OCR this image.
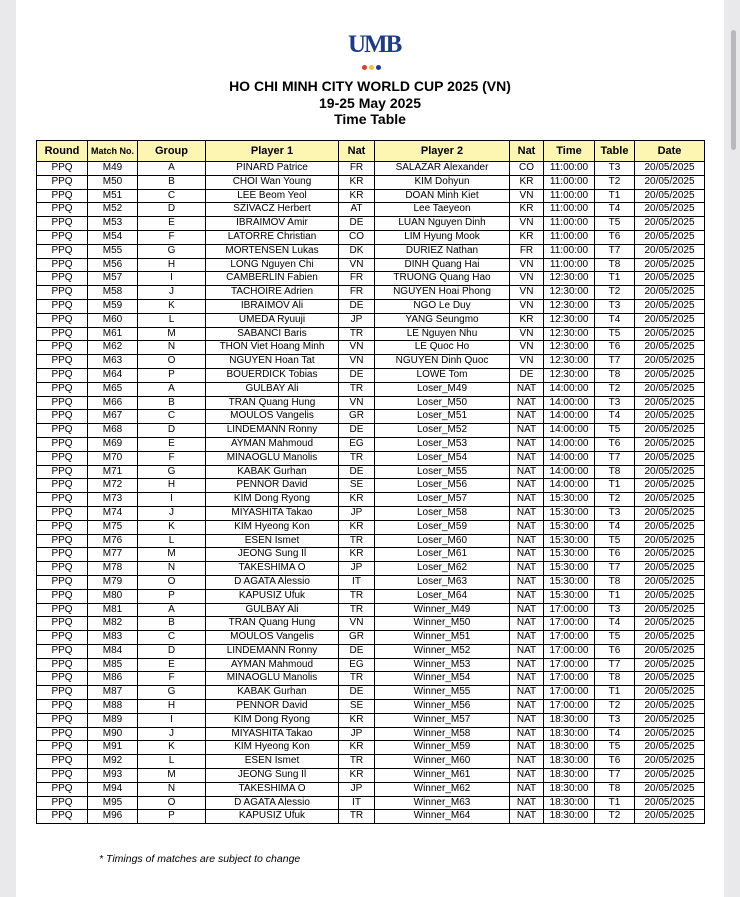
UMB

HO CHI MINH CITY WORLD CUP 2025 (VN)
19-25 May 2025
Time Table
Round	Match No.	Group	Player 1	Nat	Player 2	Nat	Time	Table	Date
PPQ	M49	A	PINARD Patrice	FR	SALAZAR Alexander	CO	11:00:00	T3	20/05/2025
PPQ	M50	B	CHOI Wan Young	KR	KIM Dohyun	KR	11:00:00	T2	20/05/2025
PPQ	M51	C	LEE Beom Yeol	KR	DOAN Minh Kiet	VN	11:00:00	T1	20/05/2025
PPQ	M52	D	SZIVACZ Herbert	AT	Lee Taeyeon	KR	11:00:00	T4	20/05/2025
PPQ	M53	E	IBRAIMOV Amir	DE	LUAN Nguyen Dinh	VN	11:00:00	T5	20/05/2025
PPQ	M54	F	LATORRE Christian	CO	LIM Hyung Mook	KR	11:00:00	T6	20/05/2025
PPQ	M55	G	MORTENSEN Lukas	DK	DURIEZ Nathan	FR	11:00:00	T7	20/05/2025
PPQ	M56	H	LONG Nguyen Chi	VN	DINH Quang Hai	VN	11:00:00	T8	20/05/2025
PPQ	M57	I	CAMBERLIN Fabien	FR	TRUONG Quang Hao	VN	12:30:00	T1	20/05/2025
PPQ	M58	J	TACHOIRE Adrien	FR	NGUYEN Hoai Phong	VN	12:30:00	T2	20/05/2025
PPQ	M59	K	IBRAIMOV Ali	DE	NGO Le Duy	VN	12:30:00	T3	20/05/2025
PPQ	M60	L	UMEDA Ryuuji	JP	YANG Seungmo	KR	12:30:00	T4	20/05/2025
PPQ	M61	M	SABANCI Baris	TR	LE Nguyen Nhu	VN	12:30:00	T5	20/05/2025
PPQ	M62	N	THON Viet Hoang Minh	VN	LE Quoc Ho	VN	12:30:00	T6	20/05/2025
PPQ	M63	O	NGUYEN Hoan Tat	VN	NGUYEN Dinh Quoc	VN	12:30:00	T7	20/05/2025
PPQ	M64	P	BOUERDICK Tobias	DE	LOWE Tom	DE	12:30:00	T8	20/05/2025
PPQ	M65	A	GULBAY Ali	TR	Loser_M49	NAT	14:00:00	T2	20/05/2025
PPQ	M66	B	TRAN Quang Hung	VN	Loser_M50	NAT	14:00:00	T3	20/05/2025
PPQ	M67	C	MOULOS Vangelis	GR	Loser_M51	NAT	14:00:00	T4	20/05/2025
PPQ	M68	D	LINDEMANN Ronny	DE	Loser_M52	NAT	14:00:00	T5	20/05/2025
PPQ	M69	E	AYMAN Mahmoud	EG	Loser_M53	NAT	14:00:00	T6	20/05/2025
PPQ	M70	F	MINAOGLU Manolis	TR	Loser_M54	NAT	14:00:00	T7	20/05/2025
PPQ	M71	G	KABAK Gurhan	DE	Loser_M55	NAT	14:00:00	T8	20/05/2025
PPQ	M72	H	PENNOR David	SE	Loser_M56	NAT	14:00:00	T1	20/05/2025
PPQ	M73	I	KIM Dong Ryong	KR	Loser_M57	NAT	15:30:00	T2	20/05/2025
PPQ	M74	J	MIYASHITA Takao	JP	Loser_M58	NAT	15:30:00	T3	20/05/2025
PPQ	M75	K	KIM Hyeong Kon	KR	Loser_M59	NAT	15:30:00	T4	20/05/2025
PPQ	M76	L	ESEN Ismet	TR	Loser_M60	NAT	15:30:00	T5	20/05/2025
PPQ	M77	M	JEONG Sung Il	KR	Loser_M61	NAT	15:30:00	T6	20/05/2025
PPQ	M78	N	TAKESHIMA O	JP	Loser_M62	NAT	15:30:00	T7	20/05/2025
PPQ	M79	O	D AGATA Alessio	IT	Loser_M63	NAT	15:30:00	T8	20/05/2025
PPQ	M80	P	KAPUSIZ Ufuk	TR	Loser_M64	NAT	15:30:00	T1	20/05/2025
PPQ	M81	A	GULBAY Ali	TR	Winner_M49	NAT	17:00:00	T3	20/05/2025
PPQ	M82	B	TRAN Quang Hung	VN	Winner_M50	NAT	17:00:00	T4	20/05/2025
PPQ	M83	C	MOULOS Vangelis	GR	Winner_M51	NAT	17:00:00	T5	20/05/2025
PPQ	M84	D	LINDEMANN Ronny	DE	Winner_M52	NAT	17:00:00	T6	20/05/2025
PPQ	M85	E	AYMAN Mahmoud	EG	Winner_M53	NAT	17:00:00	T7	20/05/2025
PPQ	M86	F	MINAOGLU Manolis	TR	Winner_M54	NAT	17:00:00	T8	20/05/2025
PPQ	M87	G	KABAK Gurhan	DE	Winner_M55	NAT	17:00:00	T1	20/05/2025
PPQ	M88	H	PENNOR David	SE	Winner_M56	NAT	17:00:00	T2	20/05/2025
PPQ	M89	I	KIM Dong Ryong	KR	Winner_M57	NAT	18:30:00	T3	20/05/2025
PPQ	M90	J	MIYASHITA Takao	JP	Winner_M58	NAT	18:30:00	T4	20/05/2025
PPQ	M91	K	KIM Hyeong Kon	KR	Winner_M59	NAT	18:30:00	T5	20/05/2025
PPQ	M92	L	ESEN Ismet	TR	Winner_M60	NAT	18:30:00	T6	20/05/2025
PPQ	M93	M	JEONG Sung Il	KR	Winner_M61	NAT	18:30:00	T7	20/05/2025
PPQ	M94	N	TAKESHIMA O	JP	Winner_M62	NAT	18:30:00	T8	20/05/2025
PPQ	M95	O	D AGATA Alessio	IT	Winner_M63	NAT	18:30:00	T1	20/05/2025
PPQ	M96	P	KAPUSIZ Ufuk	TR	Winner_M64	NAT	18:30:00	T2	20/05/2025
* Timings of matches are subject to change
